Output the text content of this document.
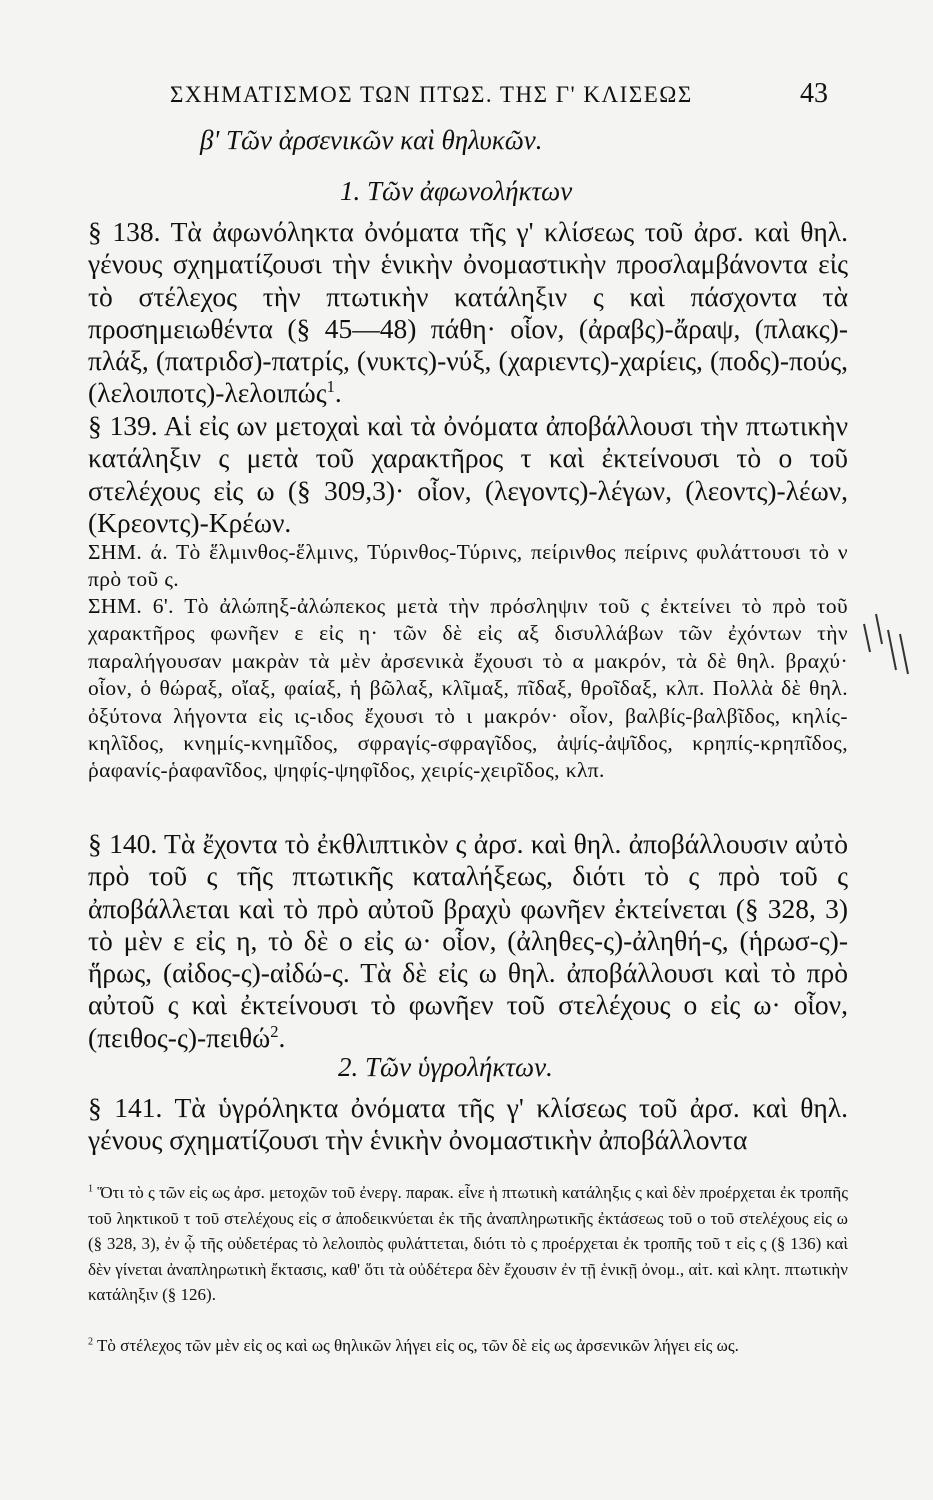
ΣΧΗΜΑΤΙΣΜΟΣ ΤΩΝ ΠΤΩΣ. ΤΗΣ Γ' ΚΛΙΣΕΩΣ	43
β' Τῶν ἀρσενικῶν καὶ θηλυκῶν.
1. Τῶν ἀφωνολήκτων

§ 138. Τὰ ἀφωνόληκτα ὀνόματα τῆς γ' κλίσεως τοῦ ἀρσ. καὶ θηλ. γένους σχηματίζουσι τὴν ἑνικὴν ὀνομαστικὴν προσλαμβάνοντα εἰς τὸ στέλεχος τὴν πτωτικὴν κατάληξιν ς καὶ πάσχοντα τὰ προσημειωθέντα (§ 45—48) πάθη· οἷον, (ἀραβς)-ἄραψ, (πλακς)-πλάξ, (πατριδσ)-πατρίς, (νυκτς)-νύξ, (χαριεντς)-χαρίεις, (ποδς)-πούς, (λελοιποτς)-λελοιπώς$^1$.

§ 139. Αἱ εἰς ων μετοχαὶ καὶ τὰ ὀνόματα ἀποβάλλουσι τὴν πτωτικὴν κατάληξιν ς μετὰ τοῦ χαρακτῆρος τ καὶ ἐκτείνουσι τὸ ο τοῦ στελέχους εἰς ω (§ 309,3)· οἷον, (λεγοντς)-λέγων, (λεοντς)-λέων, (Κρεοντς)-Κρέων.

ΣΗΜ. ά. Τὸ ἕλμινθος-ἕλμινς, Τύρινθος-Τύρινς, πείρινθος πείρινς φυλάττουσι τὸ ν πρὸ τοῦ ς.
ΣΗΜ. 6'. Τὸ ἀλώπηξ-ἀλώπεκος μετὰ τὴν πρόσληψιν τοῦ ς ἐκτείνει τὸ πρὸ τοῦ χαρακτῆρος φωνῆεν ε εἰς η· τῶν δὲ εἰς αξ δισυλλάβων τῶν ἐχόντων τὴν παραλήγουσαν μακρὰν τὰ μὲν ἀρσενικὰ ἔχουσι τὸ α μακρόν, τὰ δὲ θηλ. βραχύ· οἷον, ὁ θώραξ, οἴαξ, φαίαξ, ἡ βῶλαξ, κλῖμαξ, πῖδαξ, θροῖδαξ, κλπ. Πολλὰ δὲ θηλ. ὀξύτονα λήγοντα εἰς ις-ιδος ἔχουσι τὸ ι μακρόν· οἷον, βαλβίς-βαλβῖδος, κηλίς-κηλῖδος, κνημίς-κνημῖδος, σφραγίς-σφραγῖδος, ἀψίς-ἀψῖδος, κρηπίς-κρηπῖδος, ῥαφανίς-ῥαφανῖδος, ψηφίς-ψηφῖδος, χειρίς-χειρῖδος, κλπ.

§ 140. Τὰ ἔχοντα τὸ ἐκθλιπτικὸν ς ἀρσ. καὶ θηλ. ἀποβάλλουσιν αὐτὸ πρὸ τοῦ ς τῆς πτωτικῆς καταλήξεως, διότι τὸ ς πρὸ τοῦ ς ἀποβάλλεται καὶ τὸ πρὸ αὐτοῦ βραχὺ φωνῆεν ἐκτείνεται (§ 328, 3) τὸ μὲν ε εἰς η, τὸ δὲ ο εἰς ω· οἷον, (ἀληθες-ς)-ἀληθή-ς, (ἡρωσ-ς)-ἥρως, (αἰδος-ς)-αἰδώ-ς. Τὰ δὲ εἰς ω θηλ. ἀποβάλλουσι καὶ τὸ πρὸ αὐτοῦ ς καὶ ἐκτείνουσι τὸ φωνῆεν τοῦ στελέχους ο εἰς ω· οἷον, (πειθος-ς)-πειθώ$^2$.

2. Τῶν ὑγρολήκτων.

§ 141. Τὰ ὑγρόληκτα ὀνόματα τῆς γ' κλίσεως τοῦ ἀρσ. καὶ θηλ. γένους σχηματίζουσι τὴν ἑνικὴν ὀνομαστικὴν ἀποβάλλοντα

$^1$ Ὅτι τὸ ς τῶν εἰς ως ἀρσ. μετοχῶν τοῦ ἐνεργ. παρακ. εἶνε ἡ πτωτικὴ κατάληξις ς καὶ δὲν προέρχεται ἐκ τροπῆς τοῦ ληκτικοῦ τ τοῦ στελέχους εἰς σ ἀποδεικνύεται ἐκ τῆς ἀναπληρωτικῆς ἐκτάσεως τοῦ ο τοῦ στελέχους εἰς ω (§ 328, 3), ἐν ᾧ τῆς οὐδετέρας τὸ λελοιπὸς φυλάττεται, διότι τὸ ς προέρχεται ἐκ τροπῆς τοῦ τ εἰς ς (§ 136) καὶ δὲν γίνεται ἀναπληρωτικὴ ἔκτασις, καθ' ὅτι τὰ οὐδέτερα δὲν ἔχουσιν ἐν τῇ ἑνικῇ ὀνομ., αἰτ. καὶ κλητ. πτωτικὴν κατάληξιν (§ 126).
$^2$ Τὸ στέλεχος τῶν μὲν εἰς ος καὶ ως θηλικῶν λήγει εἰς ος, τῶν δὲ εἰς ως ἀρσενικῶν λήγει εἰς ως.
